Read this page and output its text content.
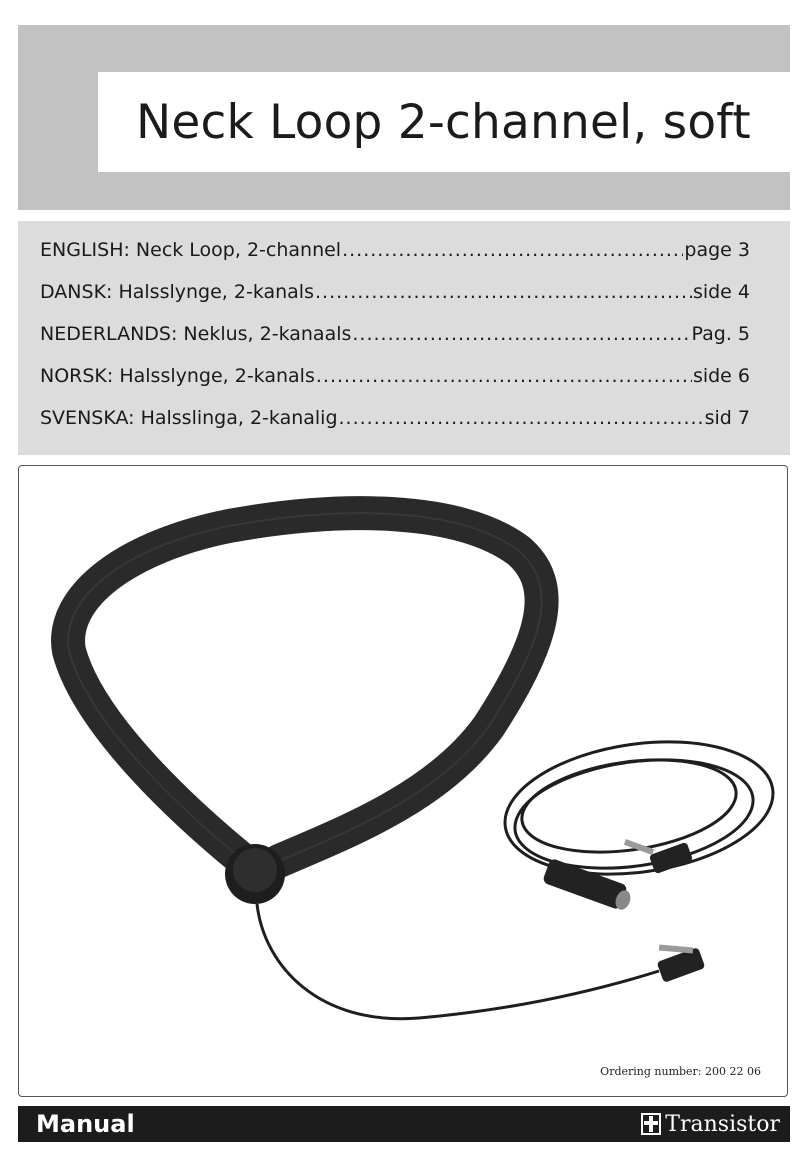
Neck Loop 2-channel, soft
ENGLISH: Neck Loop, 2-channel .....	page 3
DANSK: Halsslynge, 2-kanals .....	side 4
NEDERLANDS: Neklus, 2-kanaals .....	Pag. 5
NORSK: Halsslynge, 2-kanals .....	side 6
SVENSKA: Halsslinga, 2-kanalig .....	sid 7
Ordering number: 200 22 06
Manual	Transistor
